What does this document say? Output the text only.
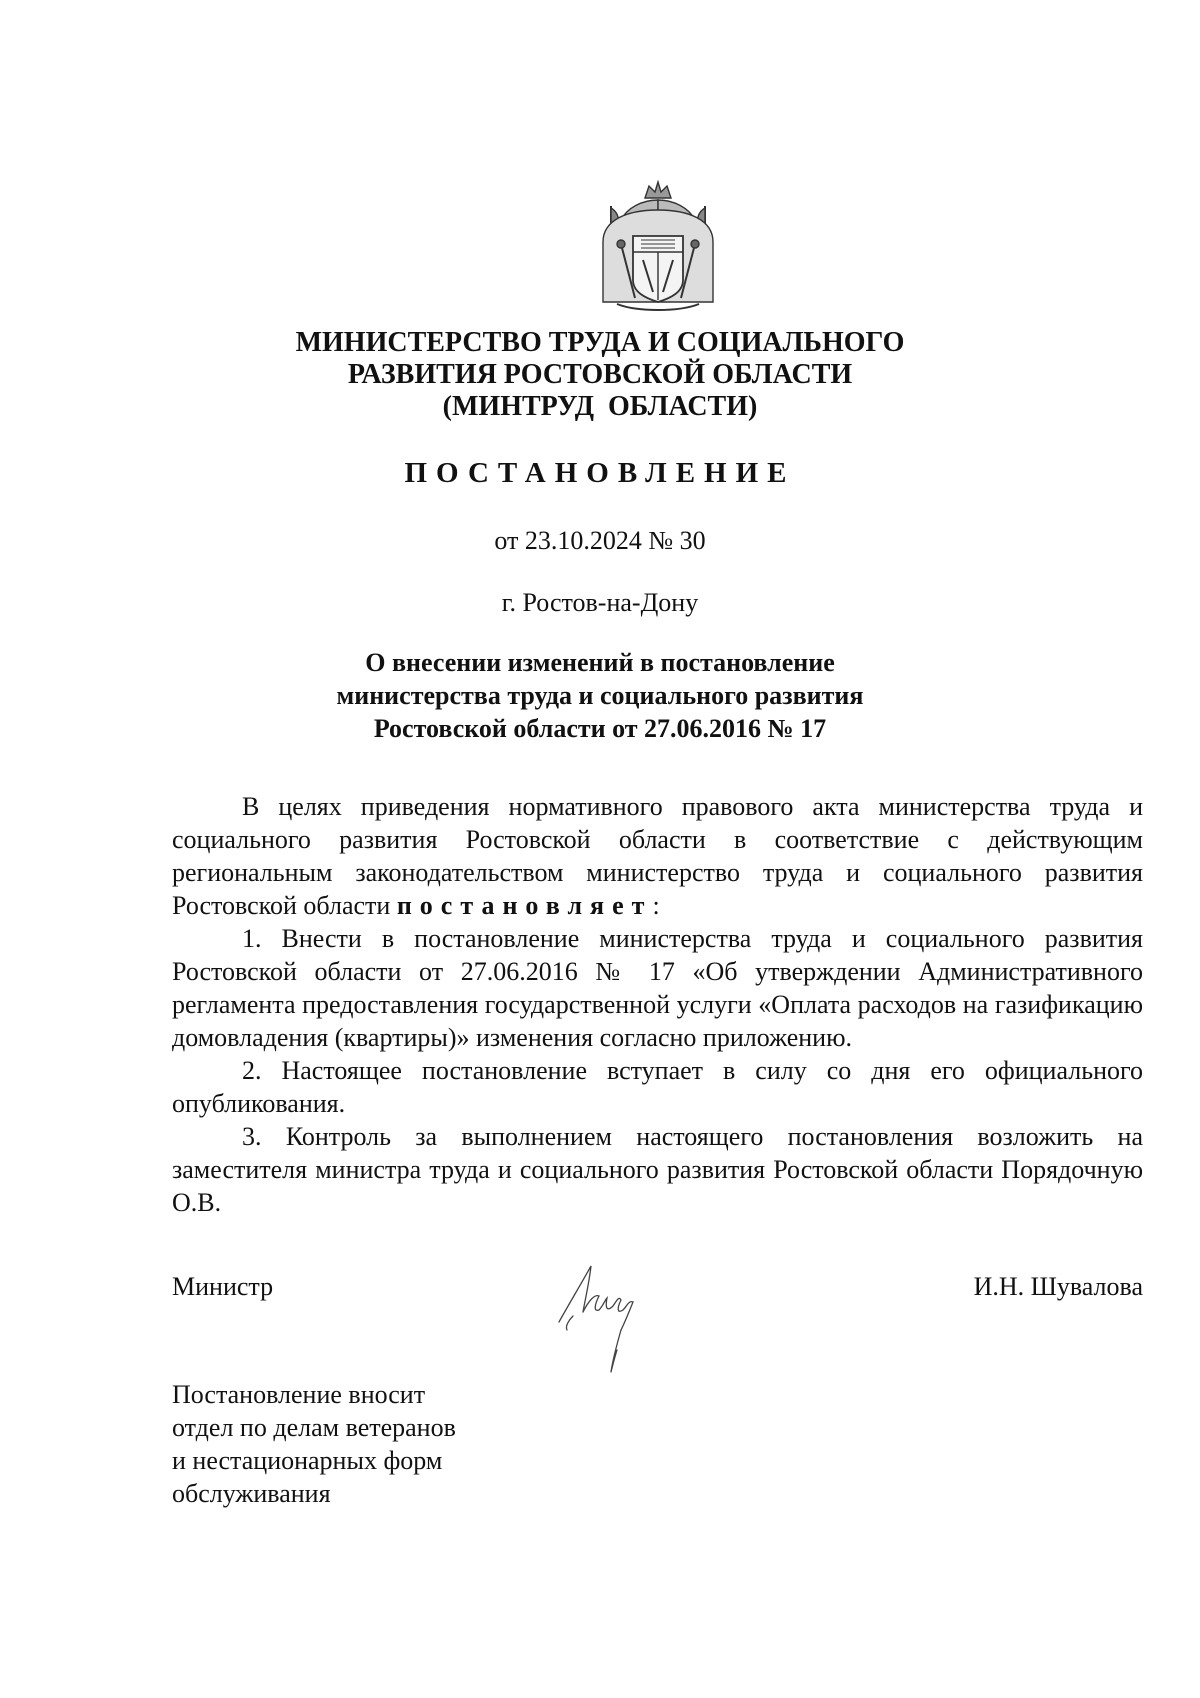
МИНИСТЕРСТВО ТРУДА И СОЦИАЛЬНОГО
РАЗВИТИЯ РОСТОВСКОЙ ОБЛАСТИ
(МИНТРУД  ОБЛАСТИ)
ПОСТАНОВЛЕНИЕ
от 23.10.2024 № 30
г. Ростов-на-Дону
О внесении изменений в постановление
министерства труда и социального развития
Ростовской области от 27.06.2016 № 17

В целях приведения нормативного правового акта министерства труда и социального развития Ростовской области в соответствие с действующим региональным законодательством министерство труда и социального развития Ростовской области постановляет:

1. Внести в постановление министерства труда и социального развития Ростовской области от 27.06.2016 № 17 «Об утверждении Административного регламента предоставления государственной услуги «Оплата расходов на газификацию домовладения (квартиры)» изменения согласно приложению.

2. Настоящее постановление вступает в силу со дня его официального опубликования.

3. Контроль за выполнением настоящего постановления возложить на заместителя министра труда и социального развития Ростовской области Порядочную О.В.

Министр	И.Н. Шувалова
Постановление вносит
отдел по делам ветеранов
и нестационарных форм
обслуживания
